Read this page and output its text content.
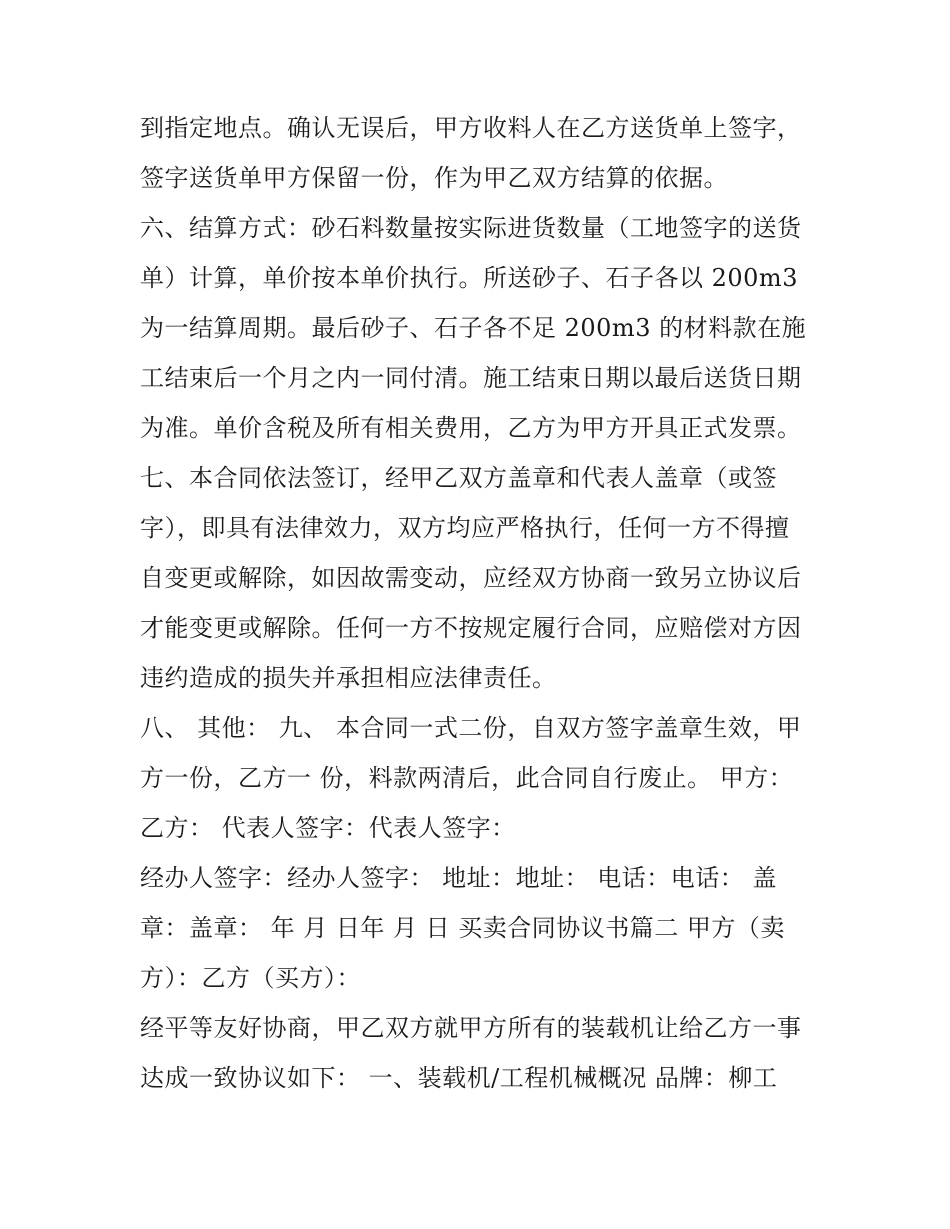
到指定地点。确认无误后，甲方收料人在乙方送货单上签字，
签字送货单甲方保留一份，作为甲乙双方结算的依据。
六、结算方式：砂石料数量按实际进货数量（工地签字的送货
单）计算，单价按本单价执行。所送砂子、石子各以 200m3
为一结算周期。最后砂子、石子各不足 200m3 的材料款在施
工结束后一个月之内一同付清。施工结束日期以最后送货日期
为准。单价含税及所有相关费用，乙方为甲方开具正式发票。
七、本合同依法签订，经甲乙双方盖章和代表人盖章（或签
字），即具有法律效力，双方均应严格执行，任何一方不得擅
自变更或解除，如因故需变动，应经双方协商一致另立协议后
才能变更或解除。任何一方不按规定履行合同，应赔偿对方因
违约造成的损失并承担相应法律责任。
八、 其他： 九、 本合同一式二份，自双方签字盖章生效，甲
方一份，乙方一 份，料款两清后，此合同自行废止。 甲方：
乙方： 代表人签字：代表人签字：
经办人签字：经办人签字： 地址：地址： 电话：电话： 盖
章：盖章： 年 月 日年 月 日 买卖合同协议书篇二 甲方（卖
方）：乙方（买方）：
经平等友好协商，甲乙双方就甲方所有的装载机让给乙方一事
达成一致协议如下： 一、装载机/工程机械概况 品牌：柳工
